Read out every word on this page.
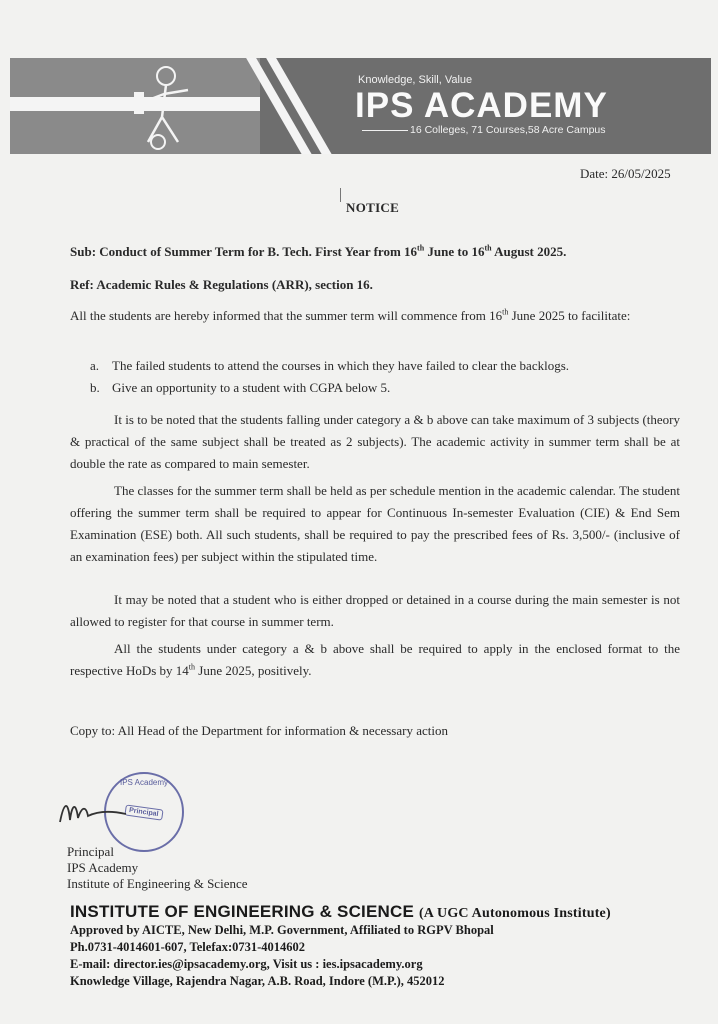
Knowledge, Skill, Value
IPS ACADEMY
16 Colleges, 71 Courses,58 Acre Campus
Date: 26/05/2025
NOTICE
Sub: Conduct of Summer Term for B. Tech. First Year from 16th June to 16th August 2025.
Ref: Academic Rules & Regulations (ARR), section 16.
All the students are hereby informed that the summer term will commence from 16th June 2025 to facilitate:
a. The failed students to attend the courses in which they have failed to clear the backlogs.
b. Give an opportunity to a student with CGPA below 5.
It is to be noted that the students falling under category a & b above can take maximum of 3 subjects (theory & practical of the same subject shall be treated as 2 subjects). The academic activity in summer term shall be at double the rate as compared to main semester.
The classes for the summer term shall be held as per schedule mention in the academic calendar. The student offering the summer term shall be required to appear for Continuous In-semester Evaluation (CIE) & End Sem Examination (ESE) both. All such students, shall be required to pay the prescribed fees of Rs. 3,500/- (inclusive of an examination fees) per subject within the stipulated time.
It may be noted that a student who is either dropped or detained in a course during the main semester is not allowed to register for that course in summer term.
All the students under category a & b above shall be required to apply in the enclosed format to the respective HoDs by 14th June 2025, positively.
Copy to: All Head of the Department for information & necessary action
IPS Academy
Principal
Principal
IPS Academy
Institute of Engineering & Science
INSTITUTE OF ENGINEERING & SCIENCE (A UGC Autonomous Institute)
Approved by AICTE, New Delhi, M.P. Government, Affiliated to RGPV Bhopal
Ph.0731-4014601-607, Telefax:0731-4014602
E-mail: director.ies@ipsacademy.org, Visit us : ies.ipsacademy.org
Knowledge Village, Rajendra Nagar, A.B. Road, Indore (M.P.), 452012
